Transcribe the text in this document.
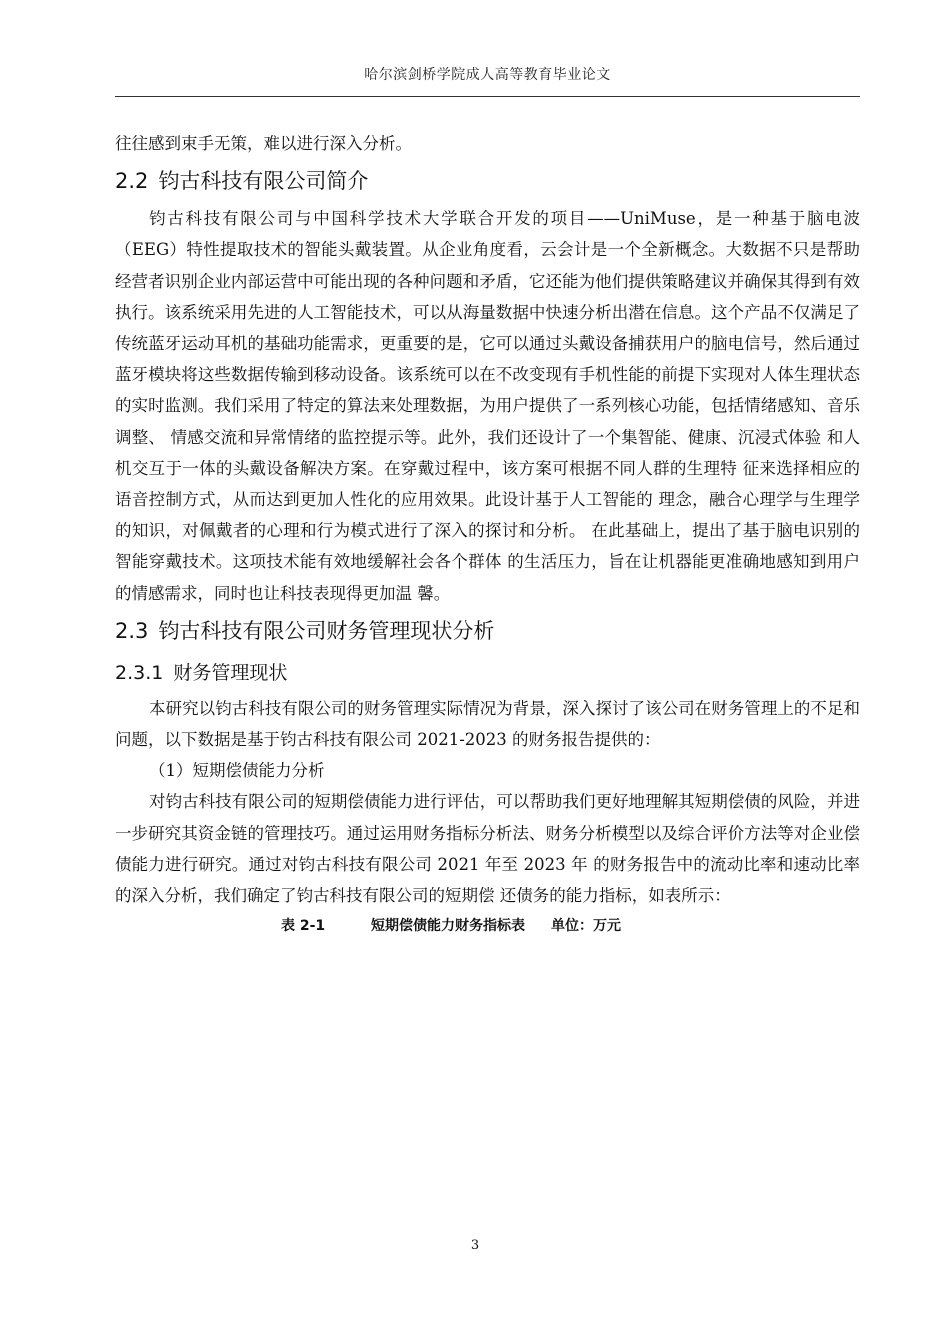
哈尔滨剑桥学院成人高等教育毕业论文

往往感到束手无策，难以进行深入分析。

2.2 钧古科技有限公司简介

钧古科技有限公司与中国科学技术大学联合开发的项目——UniMuse，是一种基于脑电波（EEG）特性提取技术的智能头戴装置。从企业角度看，云会计是一个全新概念。大数据不只是帮助经营者识别企业内部运营中可能出现的各种问题和矛盾，它还能为他们提供策略建议并确保其得到有效执行。该系统采用先进的人工智能技术，可以从海量数据中快速分析出潜在信息。这个产品不仅满足了传统蓝牙运动耳机的基础功能需求，更重要的是，它可以通过头戴设备捕获用户的脑电信号，然后通过蓝牙模块将这些数据传输到移动设备。该系统可以在不改变现有手机性能的前提下实现对人体生理状态的实时监测。我们采用了特定的算法来处理数据，为用户提供了一系列核心功能，包括情绪感知、音乐调整、 情感交流和异常情绪的监控提示等。此外，我们还设计了一个集智能、健康、沉浸式体验 和人机交互于一体的头戴设备解决方案。在穿戴过程中，该方案可根据不同人群的生理特 征来选择相应的语音控制方式，从而达到更加人性化的应用效果。此设计基于人工智能的 理念，融合心理学与生理学的知识，对佩戴者的心理和行为模式进行了深入的探讨和分析。 在此基础上，提出了基于脑电识别的智能穿戴技术。这项技术能有效地缓解社会各个群体 的生活压力，旨在让机器能更准确地感知到用户的情感需求，同时也让科技表现得更加温 馨。

2.3 钧古科技有限公司财务管理现状分析
2.3.1 财务管理现状

本研究以钧古科技有限公司的财务管理实际情况为背景，深入探讨了该公司在财务管理上的不足和问题，以下数据是基于钧古科技有限公司 2021-2023 的财务报告提供的：

（1）短期偿债能力分析

对钧古科技有限公司的短期偿债能力进行评估，可以帮助我们更好地理解其短期偿债的风险，并进一步研究其资金链的管理技巧。通过运用财务指标分析法、财务分析模型以及综合评价方法等对企业偿债能力进行研究。通过对钧古科技有限公司 2021 年至 2023 年 的财务报告中的流动比率和速动比率的深入分析，我们确定了钧古科技有限公司的短期偿 还债务的能力指标，如表所示：

表 2-1	短期偿债能力财务指标表 单位：万元
3
